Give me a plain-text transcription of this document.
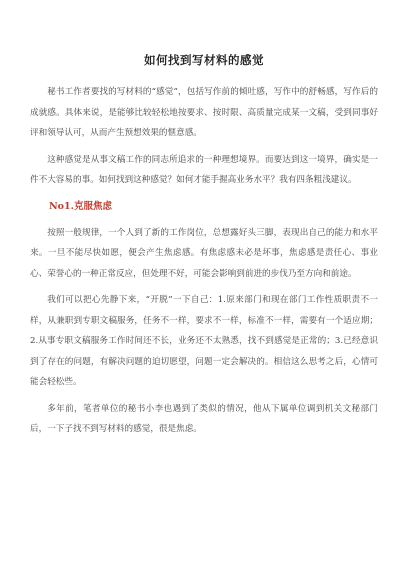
如何找到写材料的感觉

秘书工作者要找的写材料的“感觉”，包括写作前的倾吐感，写作中的舒畅感，写作后的成就感。具体来说，是能够比较轻松地按要求、按时限、高质量完成某一文稿，受到同事好评和领导认可，从而产生预想效果的惬意感。

这种感觉是从事文稿工作的同志所追求的一种理想境界。而要达到这一境界，确实是一件不大容易的事。如何找到这种感觉？如何才能手握高业务水平？我有四条粗浅建议。

No1.克服焦虑

按照一般规律，一个人到了新的工作岗位，总想露好头三脚，表现出自己的能力和水平来。一旦不能尽快如愿，便会产生焦虑感。有焦虑感未必是坏事，焦虑感是责任心、事业心、荣誉心的一种正常反应，但处理不好，可能会影响到前进的步伐乃至方向和前途。

我们可以把心先静下来，“开脱”一下自己：1.原来部门和现在部门工作性质职责不一样，从兼职到专职文稿服务，任务不一样，要求不一样，标准不一样，需要有一个适应期；2.从事专职文稿服务工作时间还不长，业务还不太熟悉，找不到感觉是正常的；3.已经意识到了存在的问题，有解决问题的迫切愿望，问题一定会解决的。相信这么思考之后，心情可能会轻松些。

多年前，笔者单位的秘书小李也遇到了类似的情况，他从下属单位调到机关文秘部门后，一下子找不到写材料的感觉，很是焦虑。
